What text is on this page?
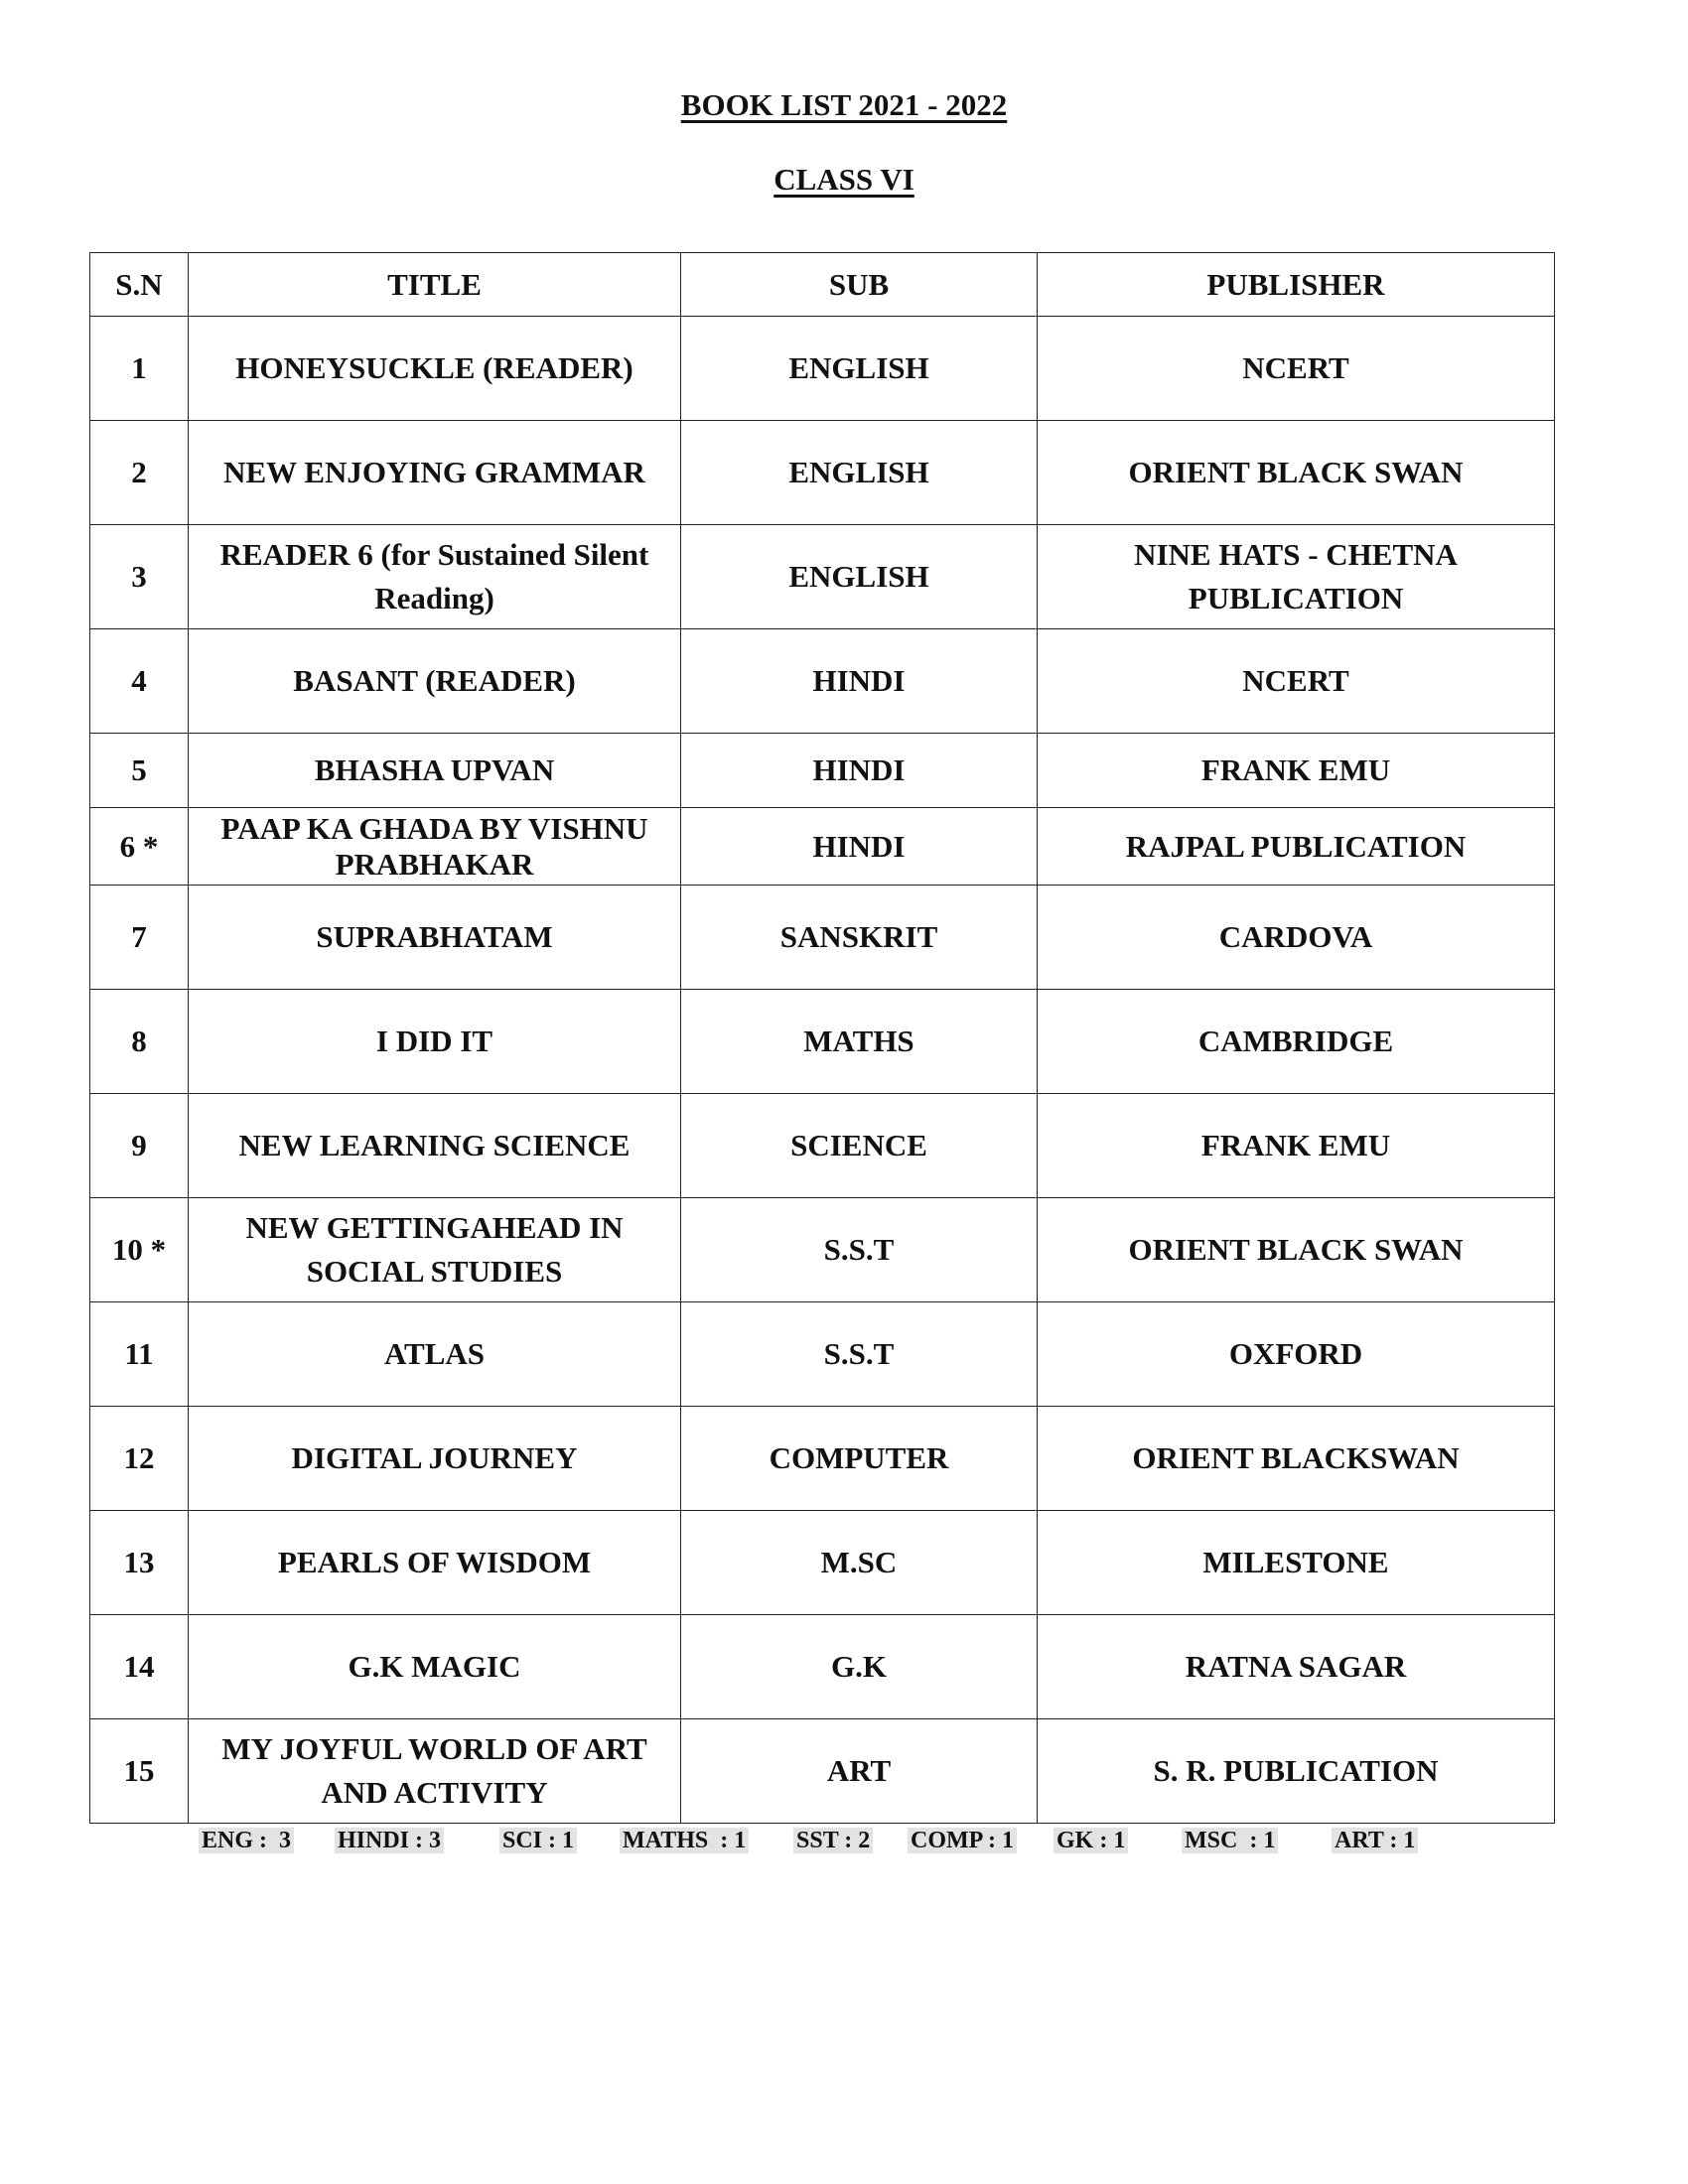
BOOK LIST 2021 - 2022
CLASS VI
S.N	TITLE	SUB	PUBLISHER
1	HONEYSUCKLE (READER)	ENGLISH	NCERT
2	NEW ENJOYING GRAMMAR	ENGLISH	ORIENT BLACK SWAN
3	READER 6 (for Sustained Silent Reading)	ENGLISH	NINE HATS - CHETNA PUBLICATION
4	BASANT (READER)	HINDI	NCERT
5	BHASHA UPVAN	HINDI	FRANK EMU
6 *	PAAP KA GHADA BY VISHNU PRABHAKAR	HINDI	RAJPAL PUBLICATION
7	SUPRABHATAM	SANSKRIT	CARDOVA
8	I DID IT	MATHS	CAMBRIDGE
9	NEW LEARNING SCIENCE	SCIENCE	FRANK EMU
10 *	NEW GETTINGAHEAD IN SOCIAL STUDIES	S.S.T	ORIENT BLACK SWAN
11	ATLAS	S.S.T	OXFORD
12	DIGITAL JOURNEY	COMPUTER	ORIENT BLACKSWAN
13	PEARLS OF WISDOM	M.SC	MILESTONE
14	G.K MAGIC	G.K	RATNA SAGAR
15	MY JOYFUL WORLD OF ART AND ACTIVITY	ART	S. R. PUBLICATION
ENG :  3 HINDI : 3	SCI : 1 MATHS  : 1 SST : 2 COMP : 1 GK : 1 MSC  : 1 ART : 1
